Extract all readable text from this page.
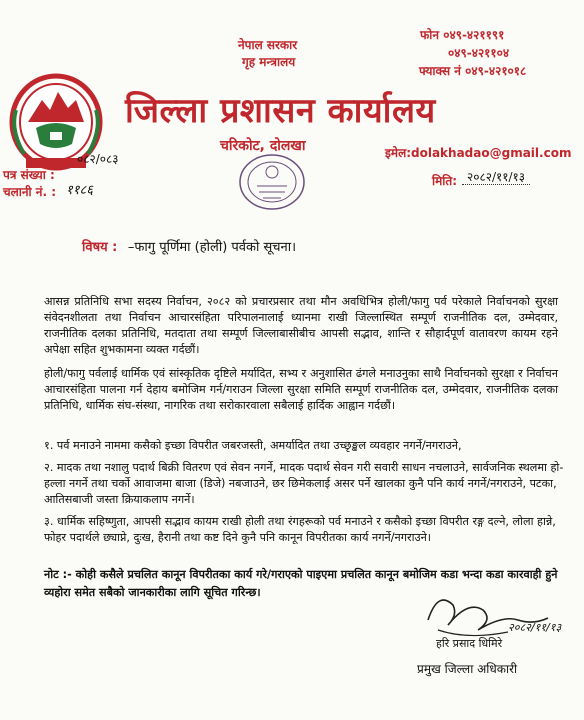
नेपाल सरकार
गृह मन्त्रालय
जिल्ला प्रशासन कार्यालय
चरिकोट, दोलखा
फोन ०४९-४२११९१
०४९-४२११०४
फ्याक्स नं ०४९-४२१०१८
इमेल:dolakhadao@gmail.com
मिति: २०८२/११/१३
०८२/०८३
पत्र संख्या :
चलानी नं. : ११८६
विषय : –फागु पूर्णिमा (होली) पर्वको सूचना।
आसन्न प्रतिनिधि सभा सदस्य निर्वाचन, २०८२ को प्रचारप्रसार तथा मौन अवधिभित्र होली/फागु पर्व परेकाले निर्वाचनको सुरक्षा संवेदनशीलता तथा निर्वाचन आचारसंहिता परिपालनालाई ध्यानमा राखी जिल्लास्थित सम्पूर्ण राजनीतिक दल, उम्मेदवार, राजनीतिक दलका प्रतिनिधि, मतदाता तथा सम्पूर्ण जिल्लाबासीबीच आपसी सद्भाव, शान्ति र सौहार्दपूर्ण वातावरण कायम रहने अपेक्षा सहित शुभकामना व्यक्त गर्दछौं।
होली/फागु पर्वलाई धार्मिक एवं सांस्कृतिक दृष्टिले मर्यादित, सभ्य र अनुशासित ढंगले मनाउनुका साथै निर्वाचनको सुरक्षा र निर्वाचन आचारसंहिता पालना गर्न देहाय बमोजिम गर्न/गराउन जिल्ला सुरक्षा समिति सम्पूर्ण राजनीतिक दल, उम्मेदवार, राजनीतिक दलका प्रतिनिधि, धार्मिक संघ-संस्था, नागरिक तथा सरोकारवाला सबैलाई हार्दिक आह्वान गर्दछौं।
१. पर्व मनाउने नाममा कसैको इच्छा विपरीत जबरजस्ती, अमर्यादित तथा उच्छृङ्खल व्यवहार नगर्ने/नगराउने,
२. मादक तथा नशालु पदार्थ बिक्री वितरण एवं सेवन नगर्ने, मादक पदार्थ सेवन गरी सवारी साधन नचलाउने, सार्वजनिक स्थलमा हो-हल्ला नगर्ने तथा चर्को आवाजमा बाजा (डिजे) नबजाउने, छर छिमेकलाई असर पर्ने खालका कुनै पनि कार्य नगर्ने/नगराउने, पटका, आतिसबाजी जस्ता क्रियाकलाप नगर्ने।
३. धार्मिक सहिष्णुता, आपसी सद्भाव कायम राखी होली तथा रंगहरूको पर्व मनाउने र कसैको इच्छा विपरीत रङ्ग दल्ने, लोला हान्ने, फोहर पदार्थले छ्याप्ने, दुःख, हैरानी तथा कष्ट दिने कुनै पनि कानून विपरीतका कार्य नगर्ने/नगराउने।
नोट :- कोही कसैले प्रचलित कानून विपरीतका कार्य गरे/गराएको पाइएमा प्रचलित कानून बमोजिम कडा भन्दा कडा कारवाही हुने व्यहोरा समेत सबैको जानकारीका लागि सूचित गरिन्छ।
हरि प्रसाद धिमिरे
२०८२/११/१३
प्रमुख जिल्ला अधिकारी
